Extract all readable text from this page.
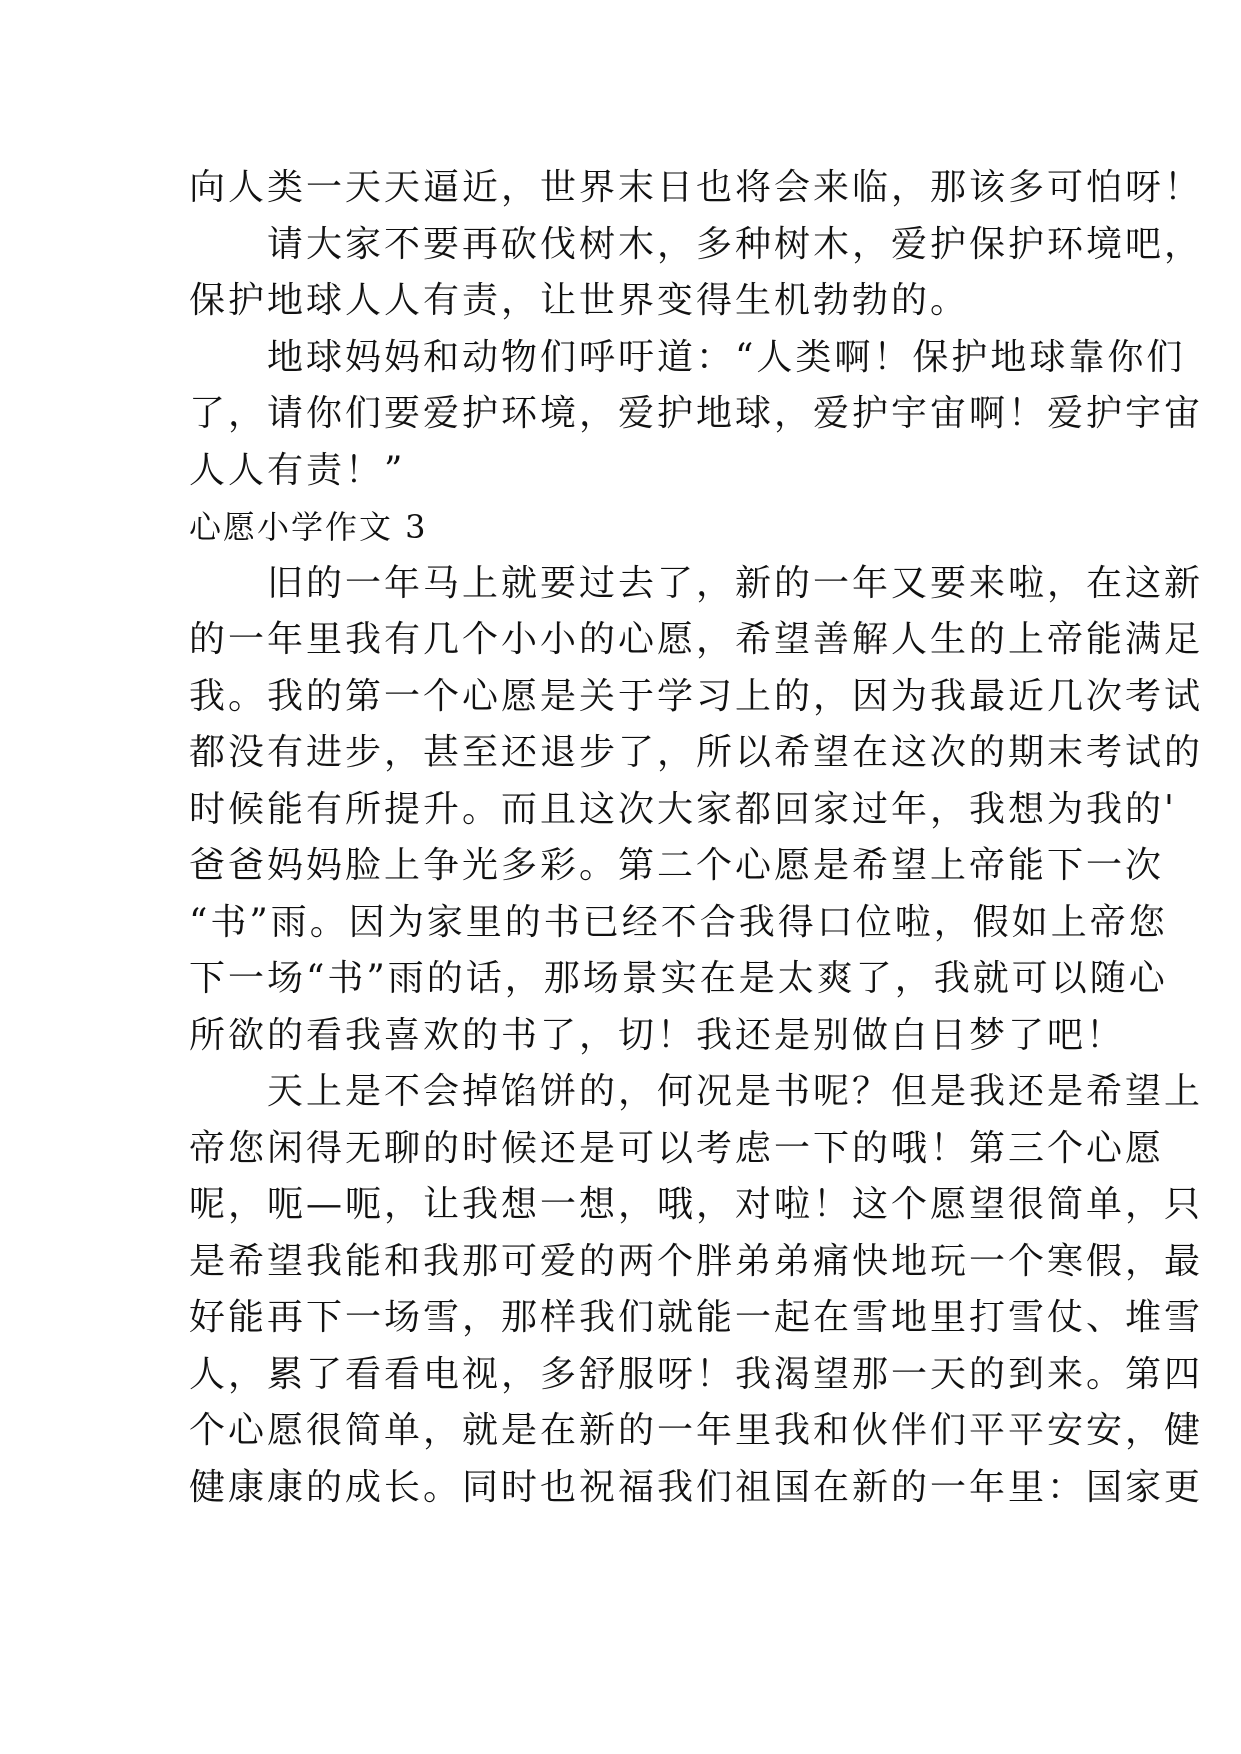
向人类一天天逼近，世界末日也将会来临，那该多可怕呀！
　　请大家不要再砍伐树木，多种树木，爱护保护环境吧，
保护地球人人有责，让世界变得生机勃勃的。
　　地球妈妈和动物们呼吁道：“人类啊！保护地球靠你们
了，请你们要爱护环境，爱护地球，爱护宇宙啊！爱护宇宙
人人有责！”
心愿小学作文 3
　　旧的一年马上就要过去了，新的一年又要来啦，在这新
的一年里我有几个小小的心愿，希望善解人生的上帝能满足
我。我的第一个心愿是关于学习上的，因为我最近几次考试
都没有进步，甚至还退步了，所以希望在这次的期末考试的
时候能有所提升。而且这次大家都回家过年，我想为我的'
爸爸妈妈脸上争光多彩。第二个心愿是希望上帝能下一次
“书”雨。因为家里的书已经不合我得口位啦，假如上帝您
下一场“书”雨的话，那场景实在是太爽了，我就可以随心
所欲的看我喜欢的书了，切！我还是别做白日梦了吧！
　　天上是不会掉馅饼的，何况是书呢？但是我还是希望上
帝您闲得无聊的时候还是可以考虑一下的哦！第三个心愿
呢，呃—呃，让我想一想，哦，对啦！这个愿望很简单，只
是希望我能和我那可爱的两个胖弟弟痛快地玩一个寒假，最
好能再下一场雪，那样我们就能一起在雪地里打雪仗、堆雪
人，累了看看电视，多舒服呀！我渴望那一天的到来。第四
个心愿很简单，就是在新的一年里我和伙伴们平平安安，健
健康康的成长。同时也祝福我们祖国在新的一年里：国家更
